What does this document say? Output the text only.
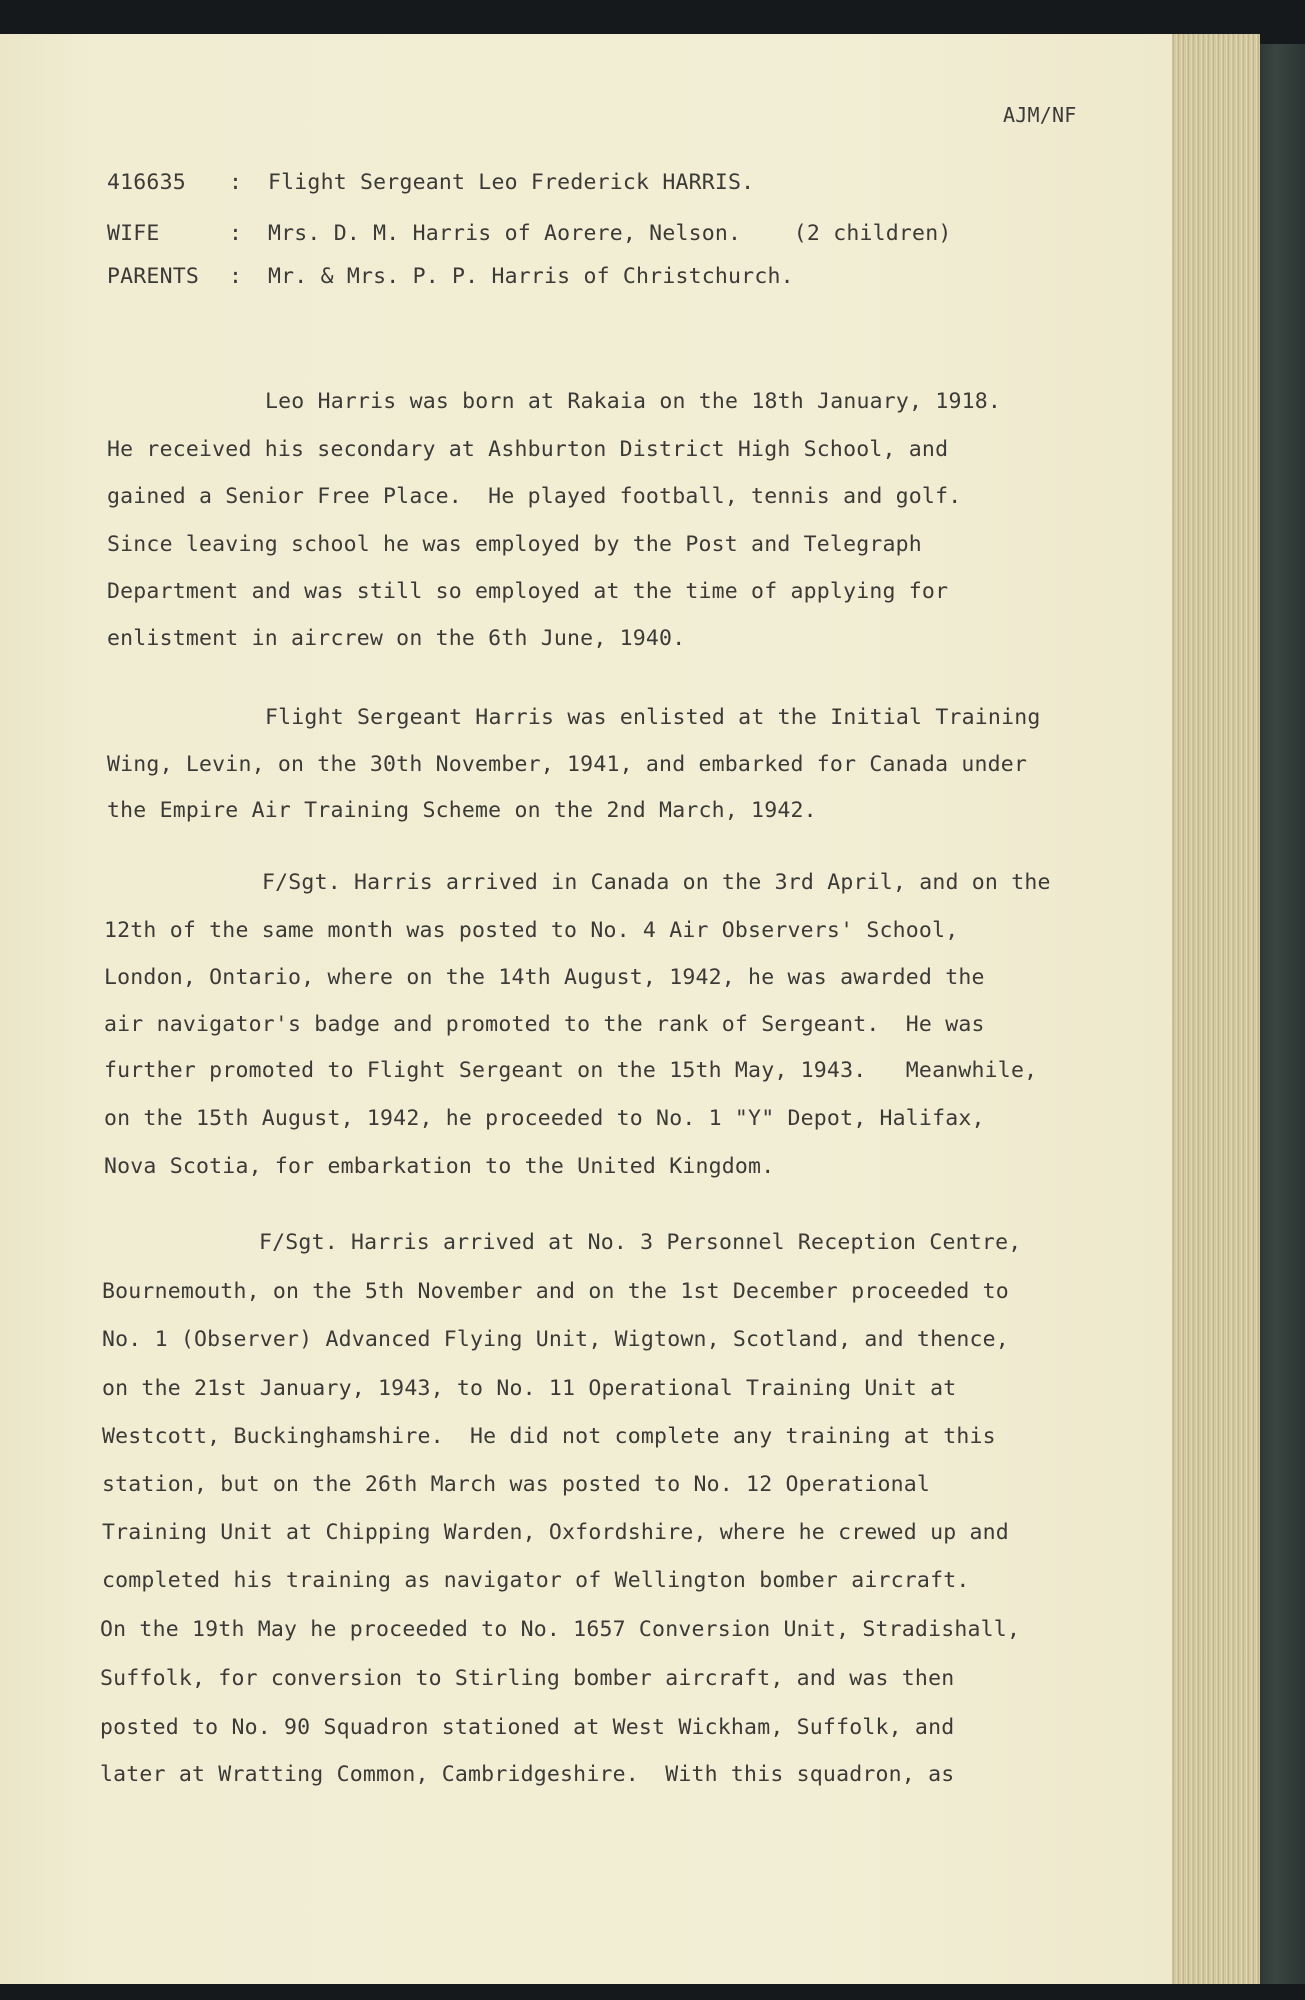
AJM/NF
416635 : Flight Sergeant Leo Frederick HARRIS.
WIFE	: Mrs. D. M. Harris of Aorere, Nelson.    (2 children)
PARENTS : Mr. & Mrs. P. P. Harris of Christchurch.
Leo Harris was born at Rakaia on the 18th January, 1918.
He received his secondary at Ashburton District High School, and
gained a Senior Free Place.  He played football, tennis and golf.
Since leaving school he was employed by the Post and Telegraph
Department and was still so employed at the time of applying for
enlistment in aircrew on the 6th June, 1940.
Flight Sergeant Harris was enlisted at the Initial Training
Wing, Levin, on the 30th November, 1941, and embarked for Canada under
the Empire Air Training Scheme on the 2nd March, 1942.
F/Sgt. Harris arrived in Canada on the 3rd April, and on the
12th of the same month was posted to No. 4 Air Observers' School,
London, Ontario, where on the 14th August, 1942, he was awarded the
air navigator's badge and promoted to the rank of Sergeant.  He was
further promoted to Flight Sergeant on the 15th May, 1943.   Meanwhile,
on the 15th August, 1942, he proceeded to No. 1 "Y" Depot, Halifax,
Nova Scotia, for embarkation to the United Kingdom.
F/Sgt. Harris arrived at No. 3 Personnel Reception Centre,
Bournemouth, on the 5th November and on the 1st December proceeded to
No. 1 (Observer) Advanced Flying Unit, Wigtown, Scotland, and thence,
on the 21st January, 1943, to No. 11 Operational Training Unit at
Westcott, Buckinghamshire.  He did not complete any training at this
station, but on the 26th March was posted to No. 12 Operational
Training Unit at Chipping Warden, Oxfordshire, where he crewed up and
completed his training as navigator of Wellington bomber aircraft.
On the 19th May he proceeded to No. 1657 Conversion Unit, Stradishall,
Suffolk, for conversion to Stirling bomber aircraft, and was then
posted to No. 90 Squadron stationed at West Wickham, Suffolk, and
later at Wratting Common, Cambridgeshire.  With this squadron, as
